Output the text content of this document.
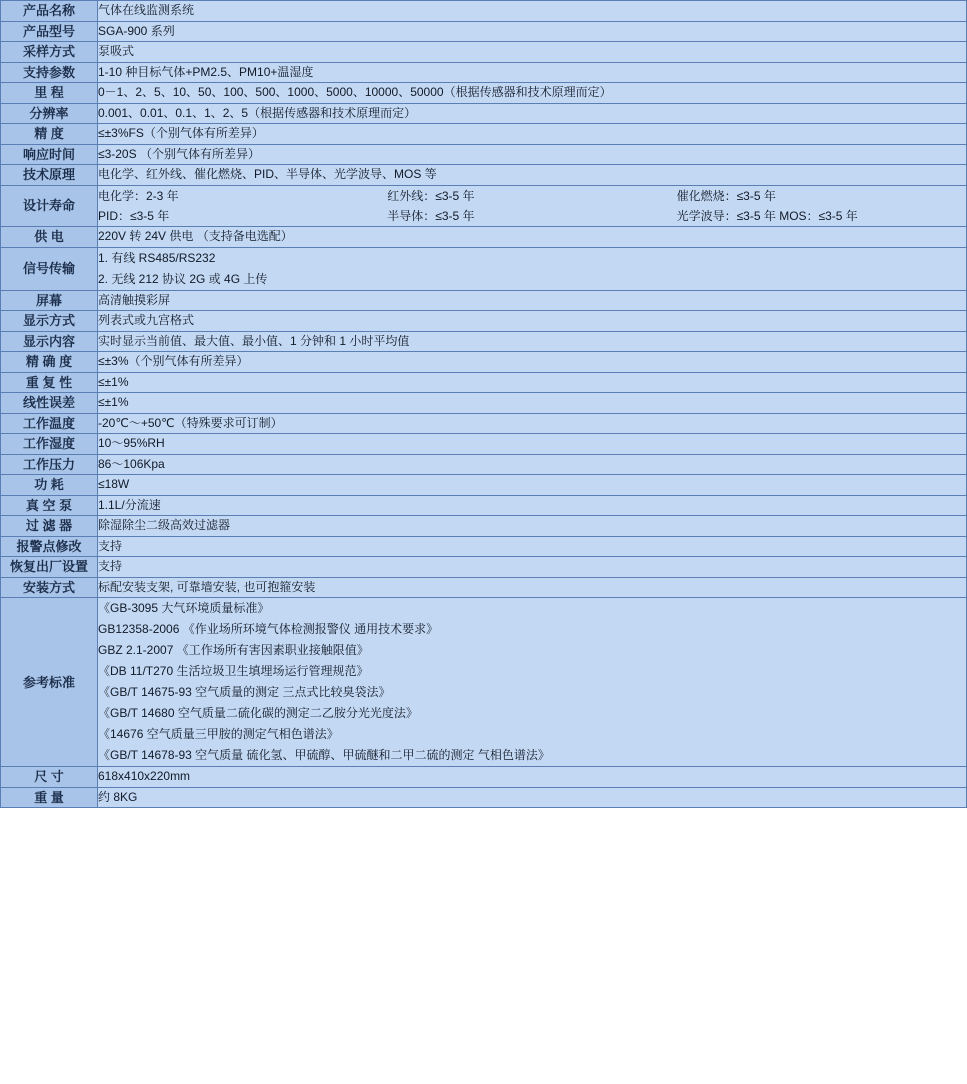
产品名称	气体在线监测系统
产品型号	SGA-900 系列
采样方式	泵吸式
支持参数	1-10 种目标气体+PM2.5、PM10+温湿度
里 程	0－1、2、5、10、50、100、500、1000、5000、10000、50000（根据传感器和技术原理而定）
分辨率	0.001、0.01、0.1、1、2、5（根据传感器和技术原理而定）
精 度	≤±3%FS（个别气体有所差异）
响应时间	≤3-20S （个别气体有所差异）
技术原理	电化学、红外线、催化燃烧、PID、半导体、光学波导、MOS 等
设计寿命	
电化学：2-3 年	红外线：≤3-5 年	催化燃烧：≤3-5 年
PID：≤3-5 年	半导体：≤3-5 年	光学波导：≤3-5 年 MOS：≤3-5 年

供 电	220V 转 24V 供电 （支持备电选配）
信号传输	1. 有线 RS485/RS232
2. 无线 212 协议 2G 或 4G 上传

屏幕	高清触摸彩屏
显示方式	列表式或九宫格式
显示内容	实时显示当前值、最大值、最小值、1 分钟和 1 小时平均值
精 确 度	≤±3%（个别气体有所差异）
重 复 性	≤±1%
线性误差	≤±1%
工作温度	-20℃～+50℃（特殊要求可订制）
工作湿度	10～95%RH
工作压力	86～106Kpa
功 耗	≤18W
真 空 泵	1.1L/分流速
过 滤 器	除湿除尘二级高效过滤器
报警点修改	支持
恢复出厂设置	支持
安装方式	标配安装支架, 可靠墙安装, 也可抱箍安装
参考标准	
《GB-3095 大气环境质量标准》
GB12358-2006 《作业场所环境气体检测报警仪 通用技术要求》
GBZ 2.1-2007 《工作场所有害因素职业接触限值》
《DB 11/T270 生活垃圾卫生填埋场运行管理规范》
《GB/T 14675-93 空气质量的测定 三点式比较臭袋法》
《GB/T 14680 空气质量二硫化碳的测定二乙胺分光光度法》
《14676 空气质量三甲胺的测定气相色谱法》
《GB/T 14678-93 空气质量 硫化氢、甲硫醇、甲硫醚和二甲二硫的测定 气相色谱法》

尺 寸	618x410x220mm
重 量	约 8KG
